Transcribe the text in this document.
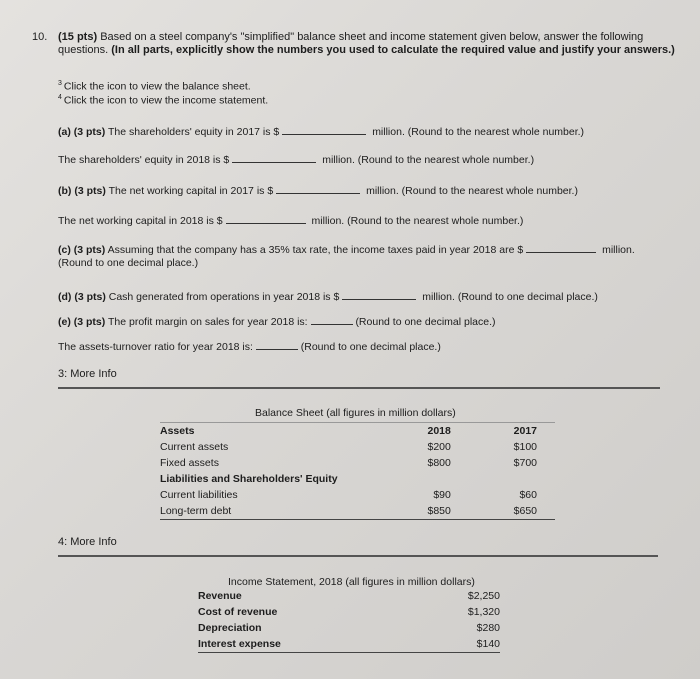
10. (15 pts) Based on a steel company's "simplified" balance sheet and income statement given below, answer the following questions. (In all parts, explicitly show the numbers you used to calculate the required value and justify your answers.)
$^3$ Click the icon to view the balance sheet.
$^4$ Click the icon to view the income statement.
(a) (3 pts) The shareholders' equity in 2017 is $	million. (Round to the nearest whole number.)
The shareholders' equity in 2018 is $	million. (Round to the nearest whole number.)
(b) (3 pts) The net working capital in 2017 is $	million. (Round to the nearest whole number.)
The net working capital in 2018 is $	million. (Round to the nearest whole number.)
(c) (3 pts) Assuming that the company has a 35% tax rate, the income taxes paid in year 2018 are $	million. (Round to one decimal place.)
(d) (3 pts) Cash generated from operations in year 2018 is $	million. (Round to one decimal place.)
(e) (3 pts) The profit margin on sales for year 2018 is:	(Round to one decimal place.)
The assets-turnover ratio for year 2018 is:	(Round to one decimal place.)
3: More Info
Balance Sheet (all figures in million dollars)
Assets	2018	2017
Current assets	$200	$100
Fixed assets	$800	$700
Liabilities and Shareholders' Equity		
Current liabilities	$90	$60
Long-term debt	$850	$650
4: More Info
Income Statement, 2018 (all figures in million dollars)
Revenue	$2,250
Cost of revenue	$1,320
Depreciation	$280
Interest expense	$140
